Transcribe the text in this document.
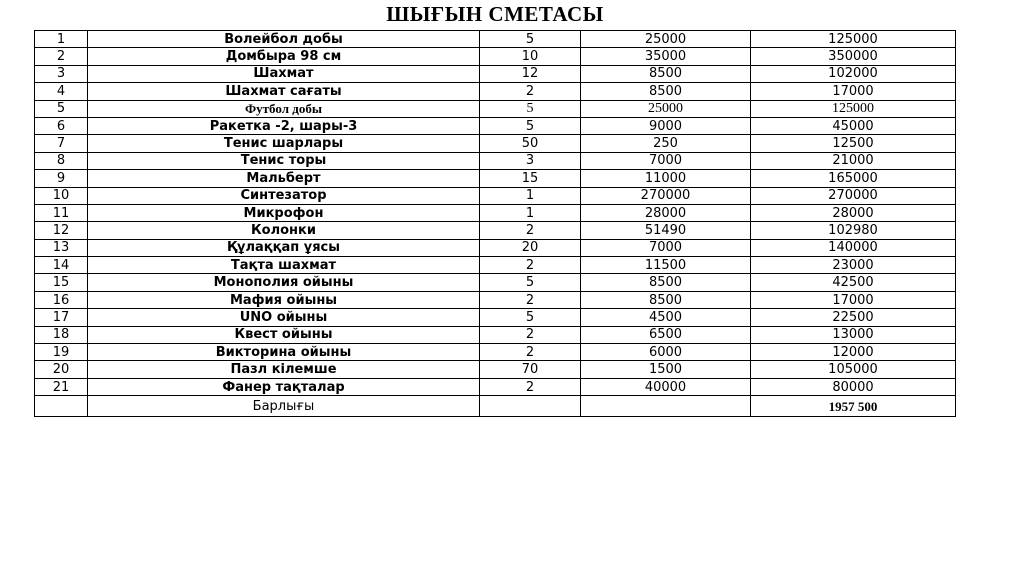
ШЫҒЫН СМЕТАСЫ
1	Волейбол добы	5	25000	125000
2	Домбыра 98 см	10	35000	350000
3	Шахмат	12	8500	102000
4	Шахмат сағаты	2	8500	17000
5	Футбол добы	5	25000	125000
6	Ракетка -2, шары-3	5	9000	45000
7	Тенис шарлары	50	250	12500
8	Тенис торы	3	7000	21000
9	Мальберт	15	11000	165000
10	Синтезатор	1	270000	270000
11	Микрофон	1	28000	28000
12	Колонки	2	51490	102980
13	Құлаққап ұясы	20	7000	140000
14	Тақта шахмат	2	11500	23000
15	Монополия ойыны	5	8500	42500
16	Мафия ойыны	2	8500	17000
17	UNO ойыны	5	4500	22500
18	Квест ойыны	2	6500	13000
19	Викторина ойыны	2	6000	12000
20	Пазл кілемше	70	1500	105000
21	Фанер тақталар	2	40000	80000
	Барлығы			1957 500
